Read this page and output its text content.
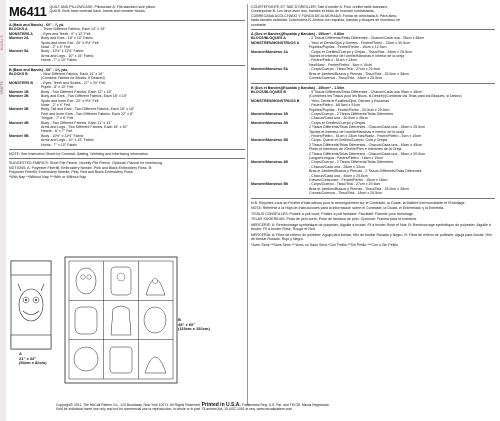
McCALL'S
CRAFTS
M6411 QUILT AND PILLOWCASE: Pillowcase A: Fits standard size pillow.
Quilt B. Both have contrast back, bands and monster blocks.
A (Back and Bands) - 60" - ⅞ yd.
BLOCKS A	- Three Different Fabrics, Each 14" x 19"
MONSTERS A	- Eyes and Teeth - 9" x 12" Felt
Monster 2A	Body and Ears - 18" x 10" Fabric
Spots and Inner Ear - 20" x 9½" Felt
Nose - 2" x 4" Felt
Monster 5A	Body - 10½" x 11½" Fabric
Arms and Legs - 10" x 15" Fabric
Horns - 7" x 10" Fabric
B (Back and Bands) - 60" - 1⅝ yds.
BLOCKS B	- Nine Different Fabrics, Each 14" x 19"
(Combine Fabrics for Blocks, If Desired)
MONSTERS B	- Eyes, Teeth and Scales - 27" x 20" Felt
Pupils - 8" x 10" Felt
Monster 1B	Body - Two Different Fabrics, Each 12" x 18"
Monster 2B	Body and Ears - Two Different Fabrics, Each 18" x 10"
Spots and Inner Ear - 20" x 9½" Felt
Nose - 2" x 4" Felt
Monster 3B	Body, Tail and Ears - Two Different Fabrics, Each 18" x 18"
Feet and Inner Ears - Two Different Fabrics, Each 22" x 8"
Tongue - 7" x 6" Felt
Monster 4B	Body - Two Different Fabrics, Each 11" x 13"
Arms and Legs - Two Different Fabrics, Each 18" x 10"
Hearts - 6" x 7" Felt
Monster 5B	Body - 10½" x 11½" Fabric
Arms and Legs - 10" x 15" Fabric
Horns - 7" x 10" Fabric
NOTE: See Instruction Sheet for Contrast, Batting, Webbing and Interfacing information.
SUGGESTED FABRICS: Short Pile Fleece, Novelty Pile Fleece. Optional: Flannel for interfacing.
NOTIONS: A: Polyester Fiberfill, Embroidery Needle, Pink and Black Embroidery Floss. B:
Polyester Fiberfill, Embroidery Needle, Pink, Red and Black Embroidery Floss.
*With Nap **Without Nap ***With or Without Nap
A
21" x 32"
(54cm x 82cm)
B
45" x 60"
(115cm x 152cm)
COURTEPOINTE ET TAIE D'OREILLER: Taie d'oreiller A: Pour oreiller taille standard.
Courtepointe B. Les deux avec dos, bandes et blocs de monstre contrastants.
CUBRECAMA ACOLCHADO Y FUNDA DE ALMOHADA: Funda de almohada A: Para almo-
hada tamaño estándar. Cubrecama B. Ambos con espalda, bandas y bloques de monstruo en
contraste.
A (Dos et Bandes)(Espalda y Bandas) - 150cm* - 0.80m
BLOCS/BLOQUES A	- 2 Tissus Différents/Telas Diferentes - Chacun/Cada una - 35cm x 48cm
MONSTRES/MONSTRUOS A	- Yeux et Dents/Ojos y Dientes - Feutre/Fieltro - 23cm x 30.5cm
Pupilles/Pupilas - Feutre/Fieltro - 10cm x 12.5cm
Monstre/Monstruo 2A	- Corps et Oreilles/Cuerpo y Orejas - Tissu/Tela - 45cm x 25.5cm
Taches et Intérieur de l'oreille/Manchas e Interior de la oreja
- Feutre/Fieltro - 51cm x 24cm
Nez/Nariz - Feutre/Fieltro - 5cm x 10cm
Monstre/Monstruo 5A	- Corps/Cuerpo - Tissu/Tela - 27cm x 29.5cm
Bras et Jambes/Brazos y Piernas - Tissu/Tela - 25.5cm x 38cm
Cornes/Cuernos - Tissu/Tela - 18cm x 25.5cm
B (Dos et Bandes)(Espalda y Bandas) - 150cm* - 1.60m
BLOCS/BLOQUES B	- 9 Tissus Différents/Telas Diferentes - Chacun/Cada una 35cm x 48cm
(Combinez les Tissus pour les Blocs, si Désiré)/(Combinar las Telas para los Bloques, si Deseo)
MONSTRES/MONSTRUOS B	- Yeux, Dents et Écailles/Ojos, Dientes y Escamas
- Feutre/Fieltro - 68.5cm x 51cm
Pupilles/Pupilas - Feutre/Fieltro - 20.5cm x 25.5cm
Monstre/Monstruo 1B	- Corps/Cuerpo - 2 Tissus Différents/Telas Diferentes
- Chacun/Cada una - 30.5cm x 45cm
Monstre/Monstruo 2B	- Corps et Oreilles/Cuerpo y Orejas
2 Tissus Différents/Telas Diferentes - Chacun/Cada una - 45cm x 25.5cm
Taches et Intérieur de l'oreille/Manchas e Interior de la oreja
- Feutre/Fieltro - 51cm x 24cm Nez/Nariz - Feutre/Fieltro - 5cm x 10cm
Monstre/Monstruo 3B	- Corps, Queue et Oreilles/Cuerpo, Cola y Orejas
2 Tissus Différents/Telas Diferentes - Chacun/Cada una - 45cm x 45cm
Pieds et Intérieurs de l'Oreille/Pies e Interiores de la Oreja
2 Tissus Différents/Telas Diferentes - Chacun/Cada una - 56cm x 20.5cm
Langue/Lengua - Feutre/Fieltro - 18cm x 15cm
Monstre/Monstruo 4B	- Corps/Cuerpo - 2 Tissus Différents/Telas Diferentes
- Chacun/Cada una - 28cm x 33cm
Bras et Jambes/Brazos y Piernas - 2 Tissus Différents/Telas Diferentes
- Chacun/Cada una - 45cm x 25.5cm
Cœurs/Corazones - Feutre/Fieltro - 15cm x 18cm
Monstre/Monstruo 5B	- Corps/Cuerpo - Tissu/Tela - 27cm x 29.5cm
Bras et Jambes/Brazos y Piernas - Tissu/Tela - 25.5cm x 38cm
Cornes/Cuernos - Tissu/Tela - 18cm x 25.5cm
N.B. Reportez-vous au Feuillet d'Instructions pour le renseignement sur le Contraste, la Ouate, la Matière thermocollante et l'Entoilage.
NOTA: Referirse a la Hoja de Instrucciones para la información sobre el Contraste, la Guata, el Entretelado y la Entretela.
TISSUS CONSEILLÉS: Polaire à poil court, Polaire à poil fantaisie. Facultatif: Flanelle pour l'entoilage.
TELAS SUGERIDAS: Polar de pelo corto, Polar de fantasía de pelo. Opcional: Franela para la entretela.
MERCERIE: A: Rembourrage synthétique de polyester, Aiguille à broder, Fil à broder Rose et Noir. B: Rembourrage synthétique de polyester, Aiguille à broder, Fil à broder Rose, Rouge et Noir.
MERCERÍA: A: Fibra de relleno de poliéster, Aguja para bordar, Hilo de bordar Rosado y Negro. B: Fibra de relleno de poliéster, Aguja para bordar, Hilo de bordar Rosado, Rojo y Negro.
*Avec Sens **Sans Sens ***Avec ou Sans Sens *Con Pelillo **Sin Pelillo ***Con o Sin Pelillo
Copyright© 2011, The McCall Pattern Co., 120 Broadway, New York 10271. All Rights Reserved. Printed in U.S.A. Trademarks Reg. U.S. Pat. and TM Off. Marca Registrada
Sold for individual home use only and not for commercial use or reproduction, in whole or in part. ©Lanham Act, 15 USC 1051 et seq. www.mccallpattern.com
